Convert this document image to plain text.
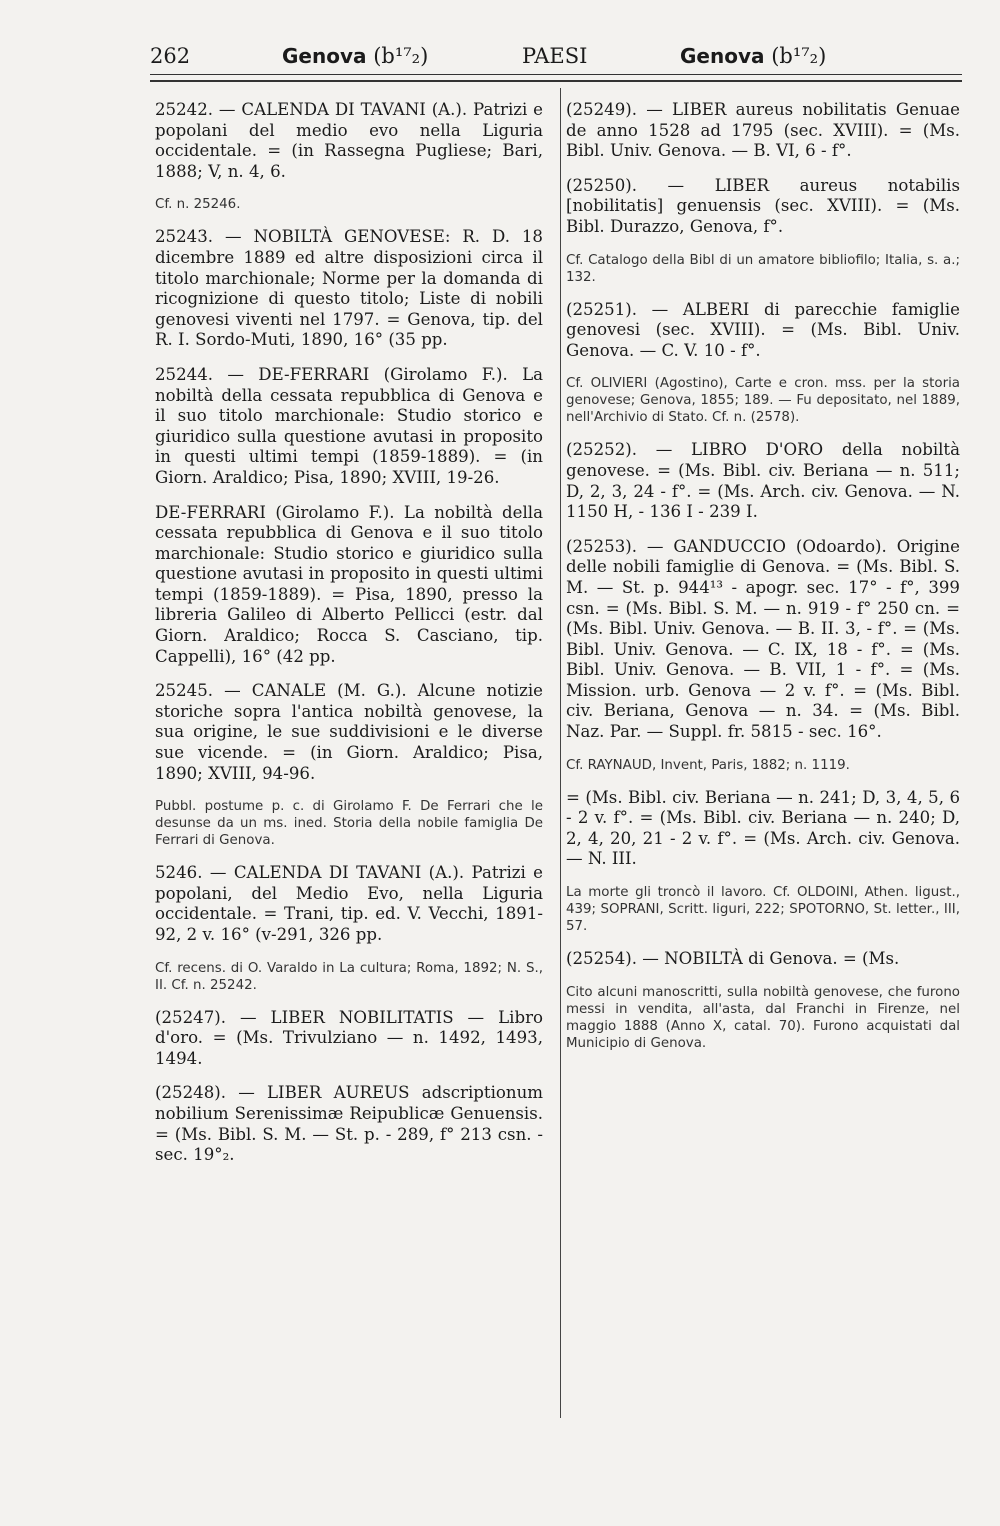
262	Genova (b¹⁷₂)	PAESI	Genova (b¹⁷₂)
25242. — CALENDA DI TAVANI (A.). Patrizi e popolani del medio evo nella Liguria occidentale. = (in Rassegna Pugliese; Bari, 1888; V, n. 4, 6.
Cf. n. 25246.
25243. — NOBILTÀ GENOVESE: R. D. 18 dicembre 1889 ed altre disposizioni circa il titolo marchionale; Norme per la domanda di ricognizione di questo titolo; Liste di nobili genovesi viventi nel 1797. = Genova, tip. del R. I. Sordo-Muti, 1890, 16° (35 pp.
25244. — DE-FERRARI (Girolamo F.). La nobiltà della cessata repubblica di Genova e il suo titolo marchionale: Studio storico e giuridico sulla questione avutasi in proposito in questi ultimi tempi (1859-1889). = (in Giorn. Araldico; Pisa, 1890; XVIII, 19-26.
DE-FERRARI (Girolamo F.). La nobiltà della cessata repubblica di Genova e il suo titolo marchionale: Studio storico e giuridico sulla questione avutasi in proposito in questi ultimi tempi (1859-1889). = Pisa, 1890, presso la libreria Galileo di Alberto Pellicci (estr. dal Giorn. Araldico; Rocca S. Casciano, tip. Cappelli), 16° (42 pp.
25245. — CANALE (M. G.). Alcune notizie storiche sopra l'antica nobiltà genovese, la sua origine, le sue suddivisioni e le diverse sue vicende. = (in Giorn. Araldico; Pisa, 1890; XVIII, 94-96.
Pubbl. postume p. c. di Girolamo F. De Ferrari che le desunse da un ms. ined. Storia della nobile famiglia De Ferrari di Genova.
5246. — CALENDA DI TAVANI (A.). Patrizi e popolani, del Medio Evo, nella Liguria occidentale. = Trani, tip. ed. V. Vecchi, 1891-92, 2 v. 16° (v-291, 326 pp.
Cf. recens. di O. Varaldo in La cultura; Roma, 1892; N. S., II. Cf. n. 25242.
(25247). — LIBER NOBILITATIS — Libro d'oro. = (Ms. Trivulziano — n. 1492, 1493, 1494.
(25248). — LIBER AUREUS adscriptionum nobilium Serenissimæ Reipublicæ Genuensis. = (Ms. Bibl. S. M. — St. p. - 289, f° 213 csn. - sec. 19°₂.
(25249). — LIBER aureus nobilitatis Genuae de anno 1528 ad 1795 (sec. XVIII). = (Ms. Bibl. Univ. Genova. — B. VI, 6 - f°.
(25250). — LIBER aureus notabilis [nobilitatis] genuensis (sec. XVIII). = (Ms. Bibl. Durazzo, Genova, f°.
Cf. Catalogo della Bibl di un amatore bibliofilo; Italia, s. a.; 132.
(25251). — ALBERI di parecchie famiglie genovesi (sec. XVIII). = (Ms. Bibl. Univ. Genova. — C. V. 10 - f°.
Cf. OLIVIERI (Agostino), Carte e cron. mss. per la storia genovese; Genova, 1855; 189. — Fu depositato, nel 1889, nell'Archivio di Stato. Cf. n. (2578).
(25252). — LIBRO D'ORO della nobiltà genovese. = (Ms. Bibl. civ. Beriana — n. 511; D, 2, 3, 24 - f°. = (Ms. Arch. civ. Genova. — N. 1150 H, - 136 I - 239 I.
(25253). — GANDUCCIO (Odoardo). Origine delle nobili famiglie di Genova. = (Ms. Bibl. S. M. — St. p. 944¹³ - apogr. sec. 17° - f°, 399 csn. = (Ms. Bibl. S. M. — n. 919 - f° 250 cn. = (Ms. Bibl. Univ. Genova. — B. II. 3, - f°. = (Ms. Bibl. Univ. Genova. — C. IX, 18 - f°. = (Ms. Bibl. Univ. Genova. — B. VII, 1 - f°. = (Ms. Mission. urb. Genova — 2 v. f°. = (Ms. Bibl. civ. Beriana, Genova — n. 34. = (Ms. Bibl. Naz. Par. — Suppl. fr. 5815 - sec. 16°.
Cf. RAYNAUD, Invent, Paris, 1882; n. 1119.
= (Ms. Bibl. civ. Beriana — n. 241; D, 3, 4, 5, 6 - 2 v. f°. = (Ms. Bibl. civ. Beriana — n. 240; D, 2, 4, 20, 21 - 2 v. f°. = (Ms. Arch. civ. Genova. — N. III.
La morte gli troncò il lavoro. Cf. OLDOINI, Athen. ligust., 439; SOPRANI, Scritt. liguri, 222; SPOTORNO, St. letter., III, 57.
(25254). — NOBILTÀ di Genova. = (Ms.
Cito alcuni manoscritti, sulla nobiltà genovese, che furono messi in vendita, all'asta, dal Franchi in Firenze, nel maggio 1888 (Anno X, catal. 70). Furono acquistati dal Municipio di Genova.
